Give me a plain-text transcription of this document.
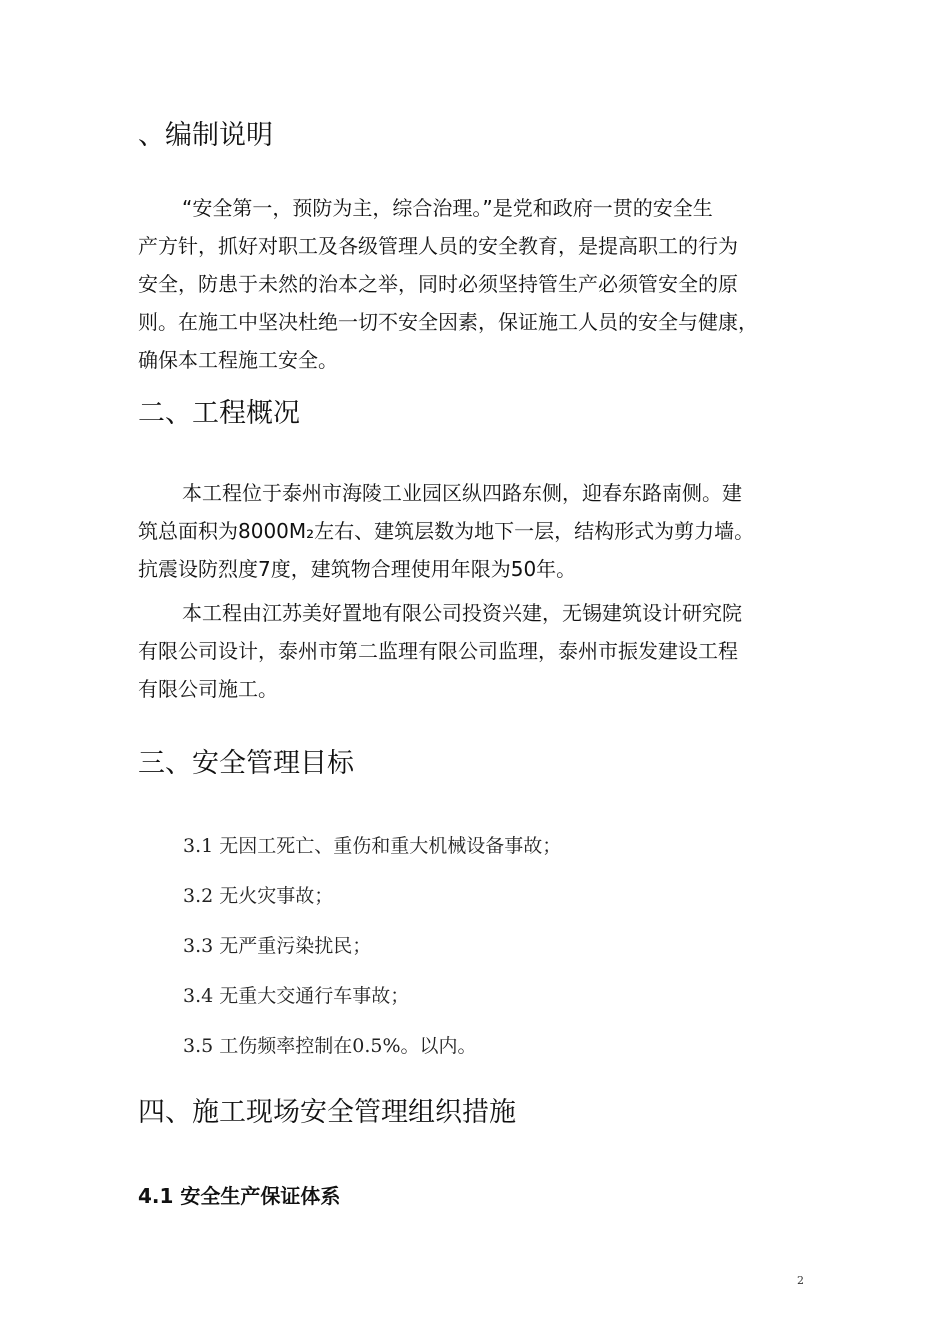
、编制说明
“安全第一，预防为主，综合治理。”是党和政府一贯的安全生
产方针，抓好对职工及各级管理人员的安全教育，是提高职工的行为
安全，防患于未然的治本之举，同时必须坚持管生产必须管安全的原
则。在施工中坚决杜绝一切不安全因素，保证施工人员的安全与健康，
确保本工程施工安全。
二、工程概况
本工程位于泰州市海陵工业园区纵四路东侧，迎春东路南侧。建
筑总面积为8000M₂左右、建筑层数为地下一层，结构形式为剪力墙。
抗震设防烈度7度，建筑物合理使用年限为50年。
本工程由江苏美好置地有限公司投资兴建，无锡建筑设计研究院
有限公司设计，泰州市第二监理有限公司监理，泰州市振发建设工程
有限公司施工。
三、安全管理目标
3.1 无因工死亡、重伤和重大机械设备事故；
3.2 无火灾事故；
3.3 无严重污染扰民；
3.4 无重大交通行车事故；
3.5 工伤频率控制在0.5%。以内。
四、施工现场安全管理组织措施
4.1 安全生产保证体系
2
